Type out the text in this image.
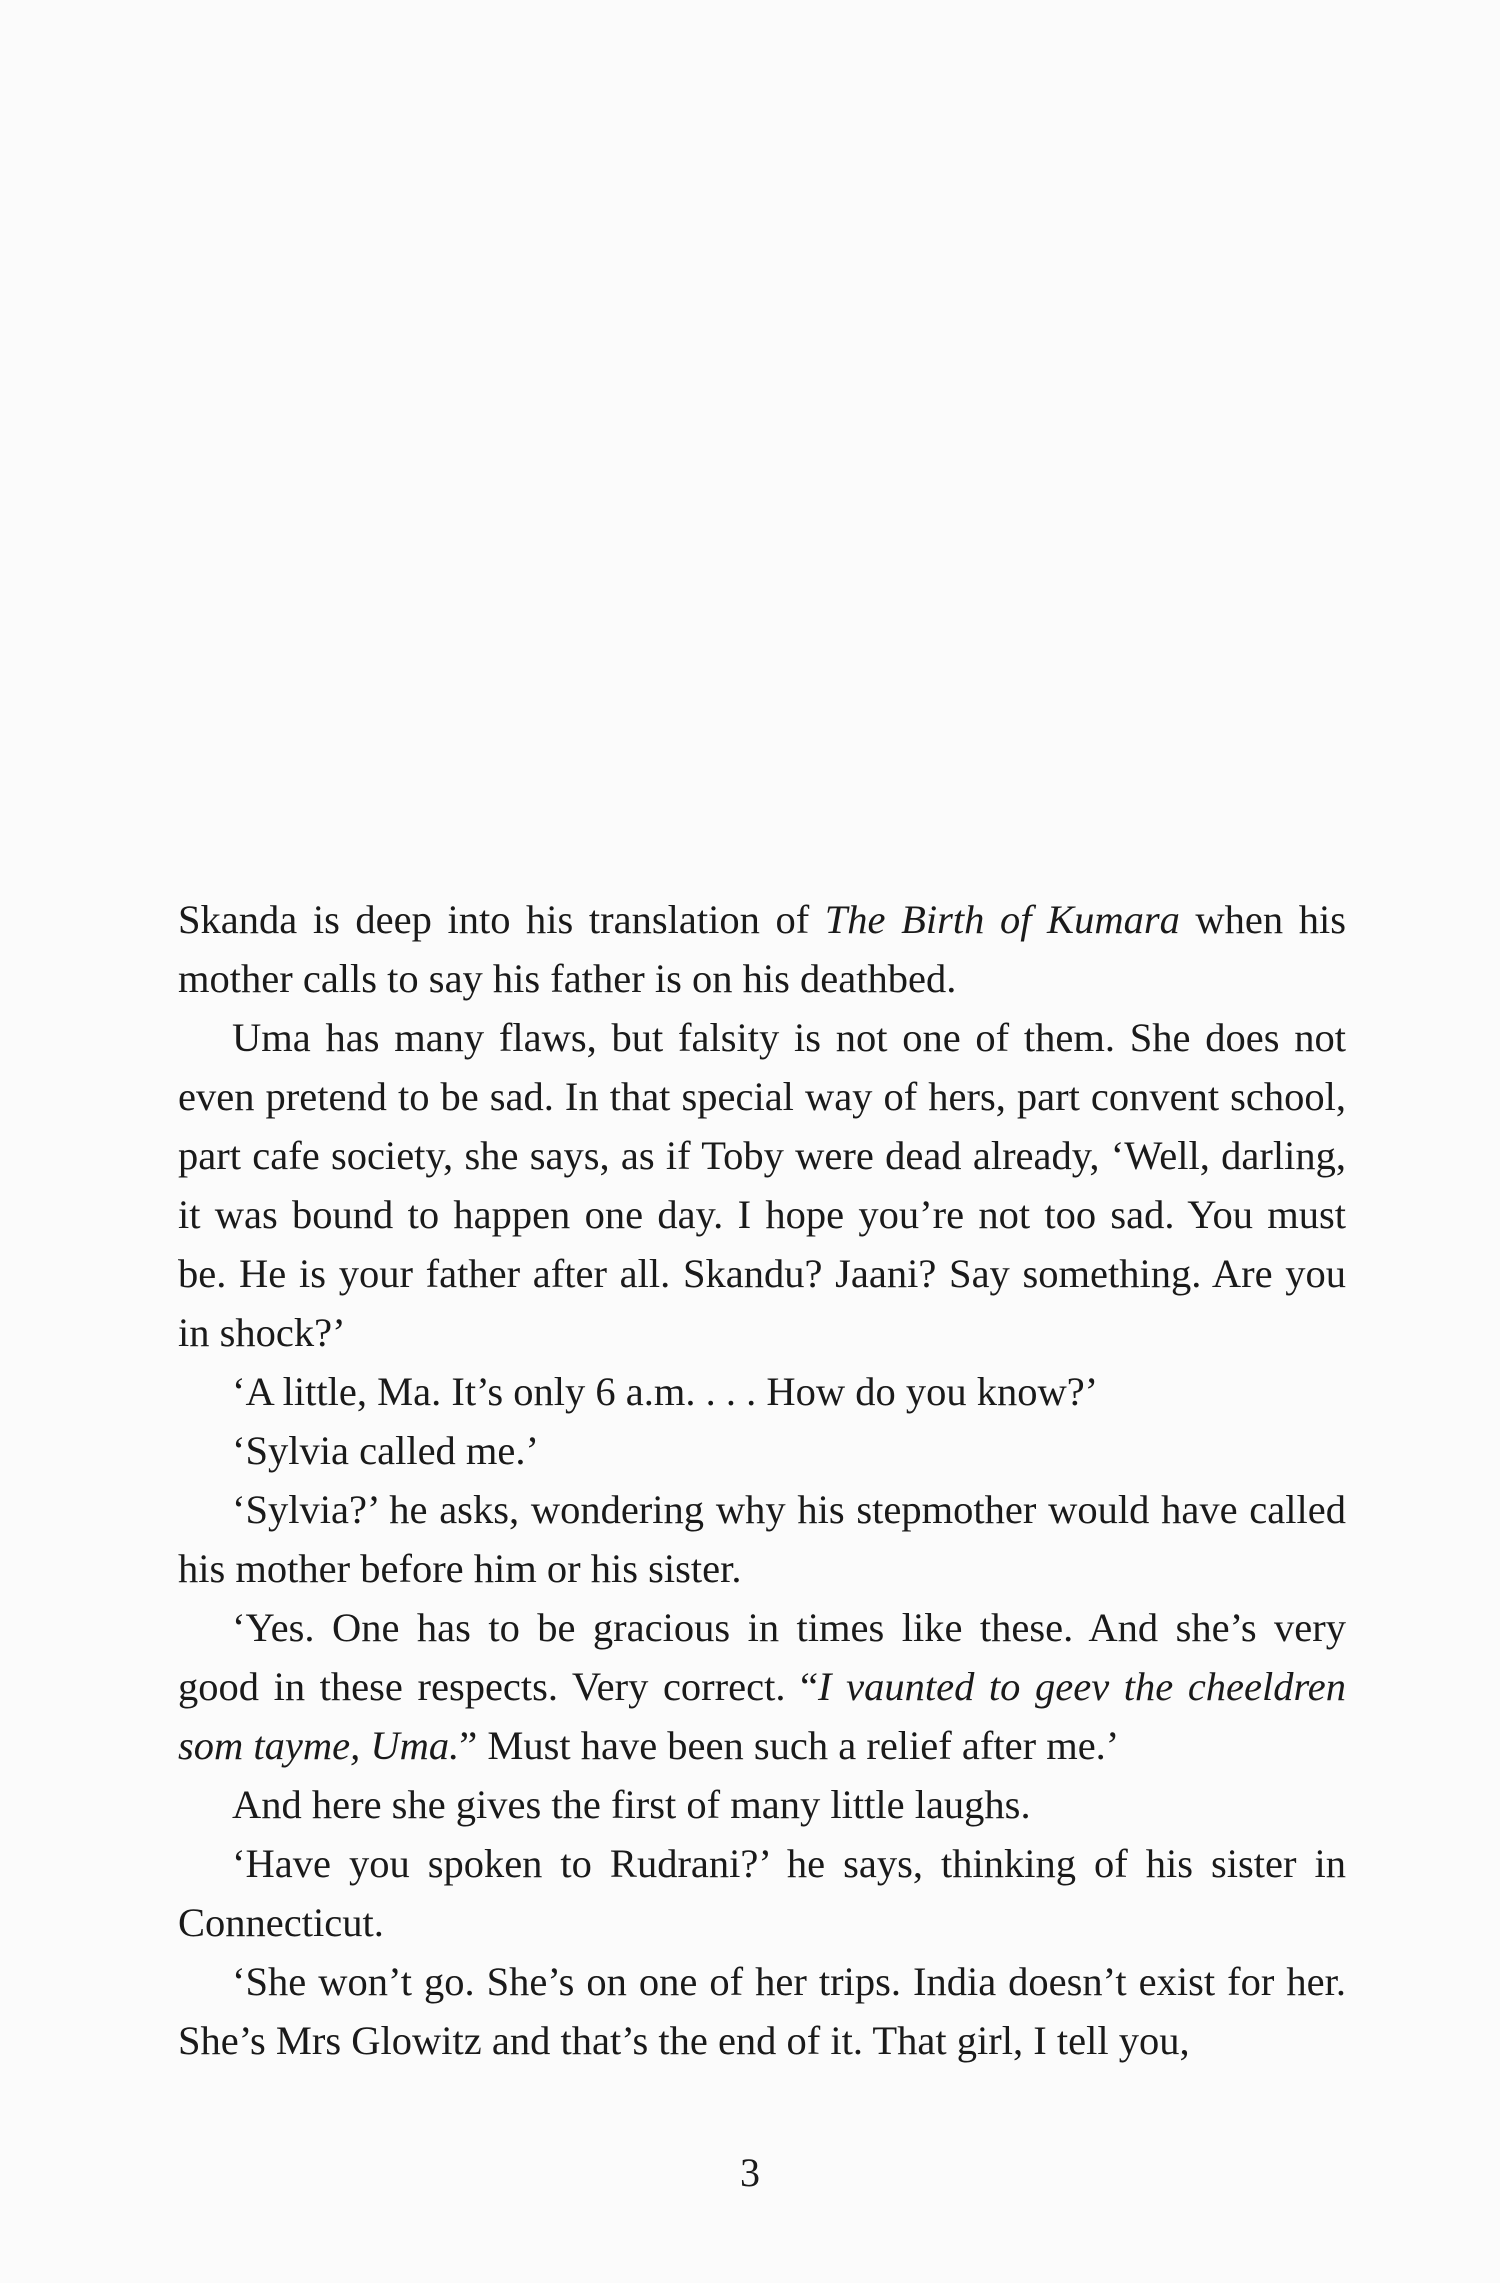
Skanda is deep into his translation of The Birth of Kumara when his mother calls to say his father is on his deathbed.

Uma has many flaws, but falsity is not one of them. She does not even pretend to be sad. In that special way of hers, part convent school, part cafe society, she says, as if Toby were dead already, ‘Well, darling, it was bound to happen one day. I hope you’re not too sad. You must be. He is your father after all. Skandu? Jaani? Say something. Are you in shock?’

‘A little, Ma. It’s only 6 a.m. . . . How do you know?’

‘Sylvia called me.’

‘Sylvia?’ he asks, wondering why his stepmother would have called his mother before him or his sister.

‘Yes. One has to be gracious in times like these. And she’s very good in these respects. Very correct. “I vaunted to geev the cheeldren som tayme, Uma.” Must have been such a relief after me.’

And here she gives the first of many little laughs.

‘Have you spoken to Rudrani?’ he says, thinking of his sister in Connecticut.

‘She won’t go. She’s on one of her trips. India doesn’t exist for her. She’s Mrs Glowitz and that’s the end of it. That girl, I tell you,

3
